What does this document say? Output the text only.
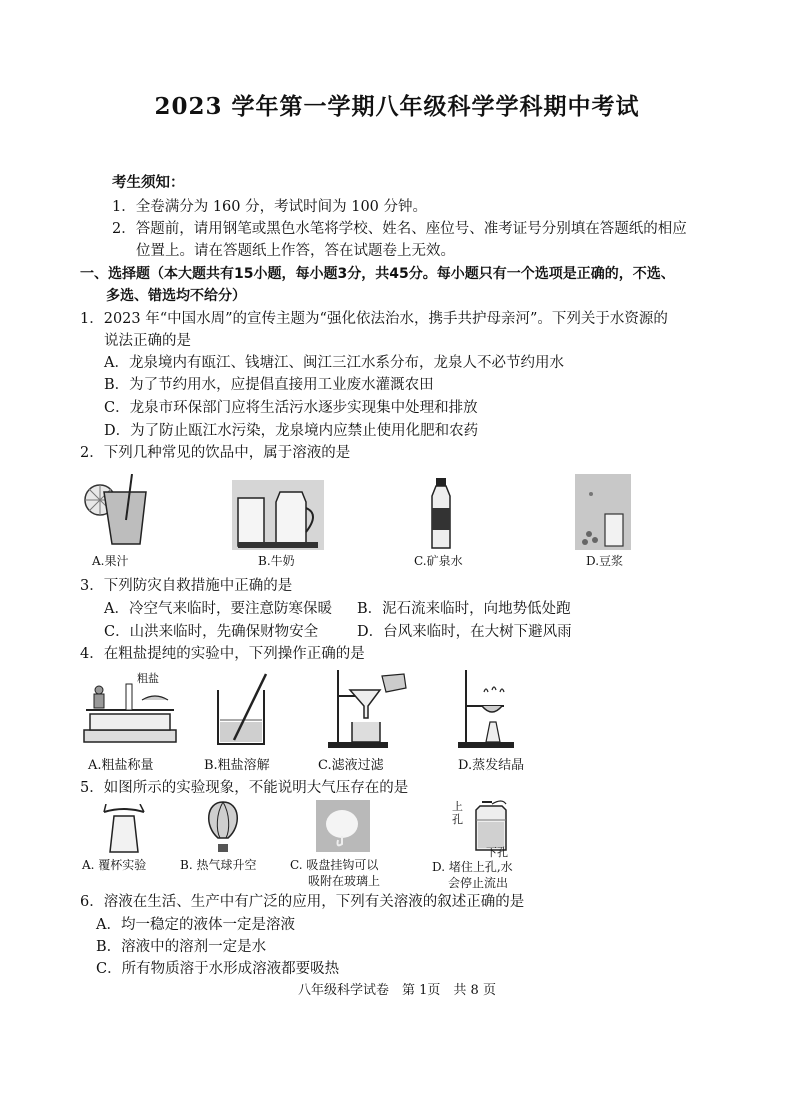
2023 学年第一学期八年级科学学科期中考试
考生须知：
1．全卷满分为 160 分，考试时间为 100 分钟。
2．答题前，请用钢笔或黑色水笔将学校、姓名、座位号、准考证号分别填在答题纸的相应
位置上。请在答题纸上作答，答在试题卷上无效。
一、选择题（本大题共有15小题，每小题3分，共45分。每小题只有一个选项是正确的，不选、
多选、错选均不给分）
1．2023 年“中国水周”的宣传主题为“强化依法治水，携手共护母亲河”。下列关于水资源的
说法正确的是
A．龙泉境内有瓯江、钱塘江、闽江三江水系分布，龙泉人不必节约用水
B．为了节约用水，应提倡直接用工业废水灌溉农田
C．龙泉市环保部门应将生活污水逐步实现集中处理和排放
D．为了防止瓯江水污染，龙泉境内应禁止使用化肥和农药
2．下列几种常见的饮品中，属于溶液的是
A.果汁	B.牛奶	C.矿泉水	D.豆浆
3．下列防灾自救措施中正确的是
A．冷空气来临时，要注意防寒保暖 B．泥石流来临时，向地势低处跑
C．山洪来临时，先确保财物安全	D．台风来临时，在大树下避风雨
4．在粗盐提纯的实验中，下列操作正确的是
粗盐
A.粗盐称量	B.粗盐溶解	C.滤液过滤	D.蒸发结晶
5．如图所示的实验现象，不能说明大气压存在的是
A. 覆杯实验	B. 热气球升空	C. 吸盘挂钩可以
吸附在玻璃上
上
孔
下孔
D. 堵住上孔,水
会停止流出
6．溶液在生活、生产中有广泛的应用，下列有关溶液的叙述正确的是
A．均一稳定的液体一定是溶液
B．溶液中的溶剂一定是水
C．所有物质溶于水形成溶液都要吸热
八年级科学试卷　第 1页　共 8 页
